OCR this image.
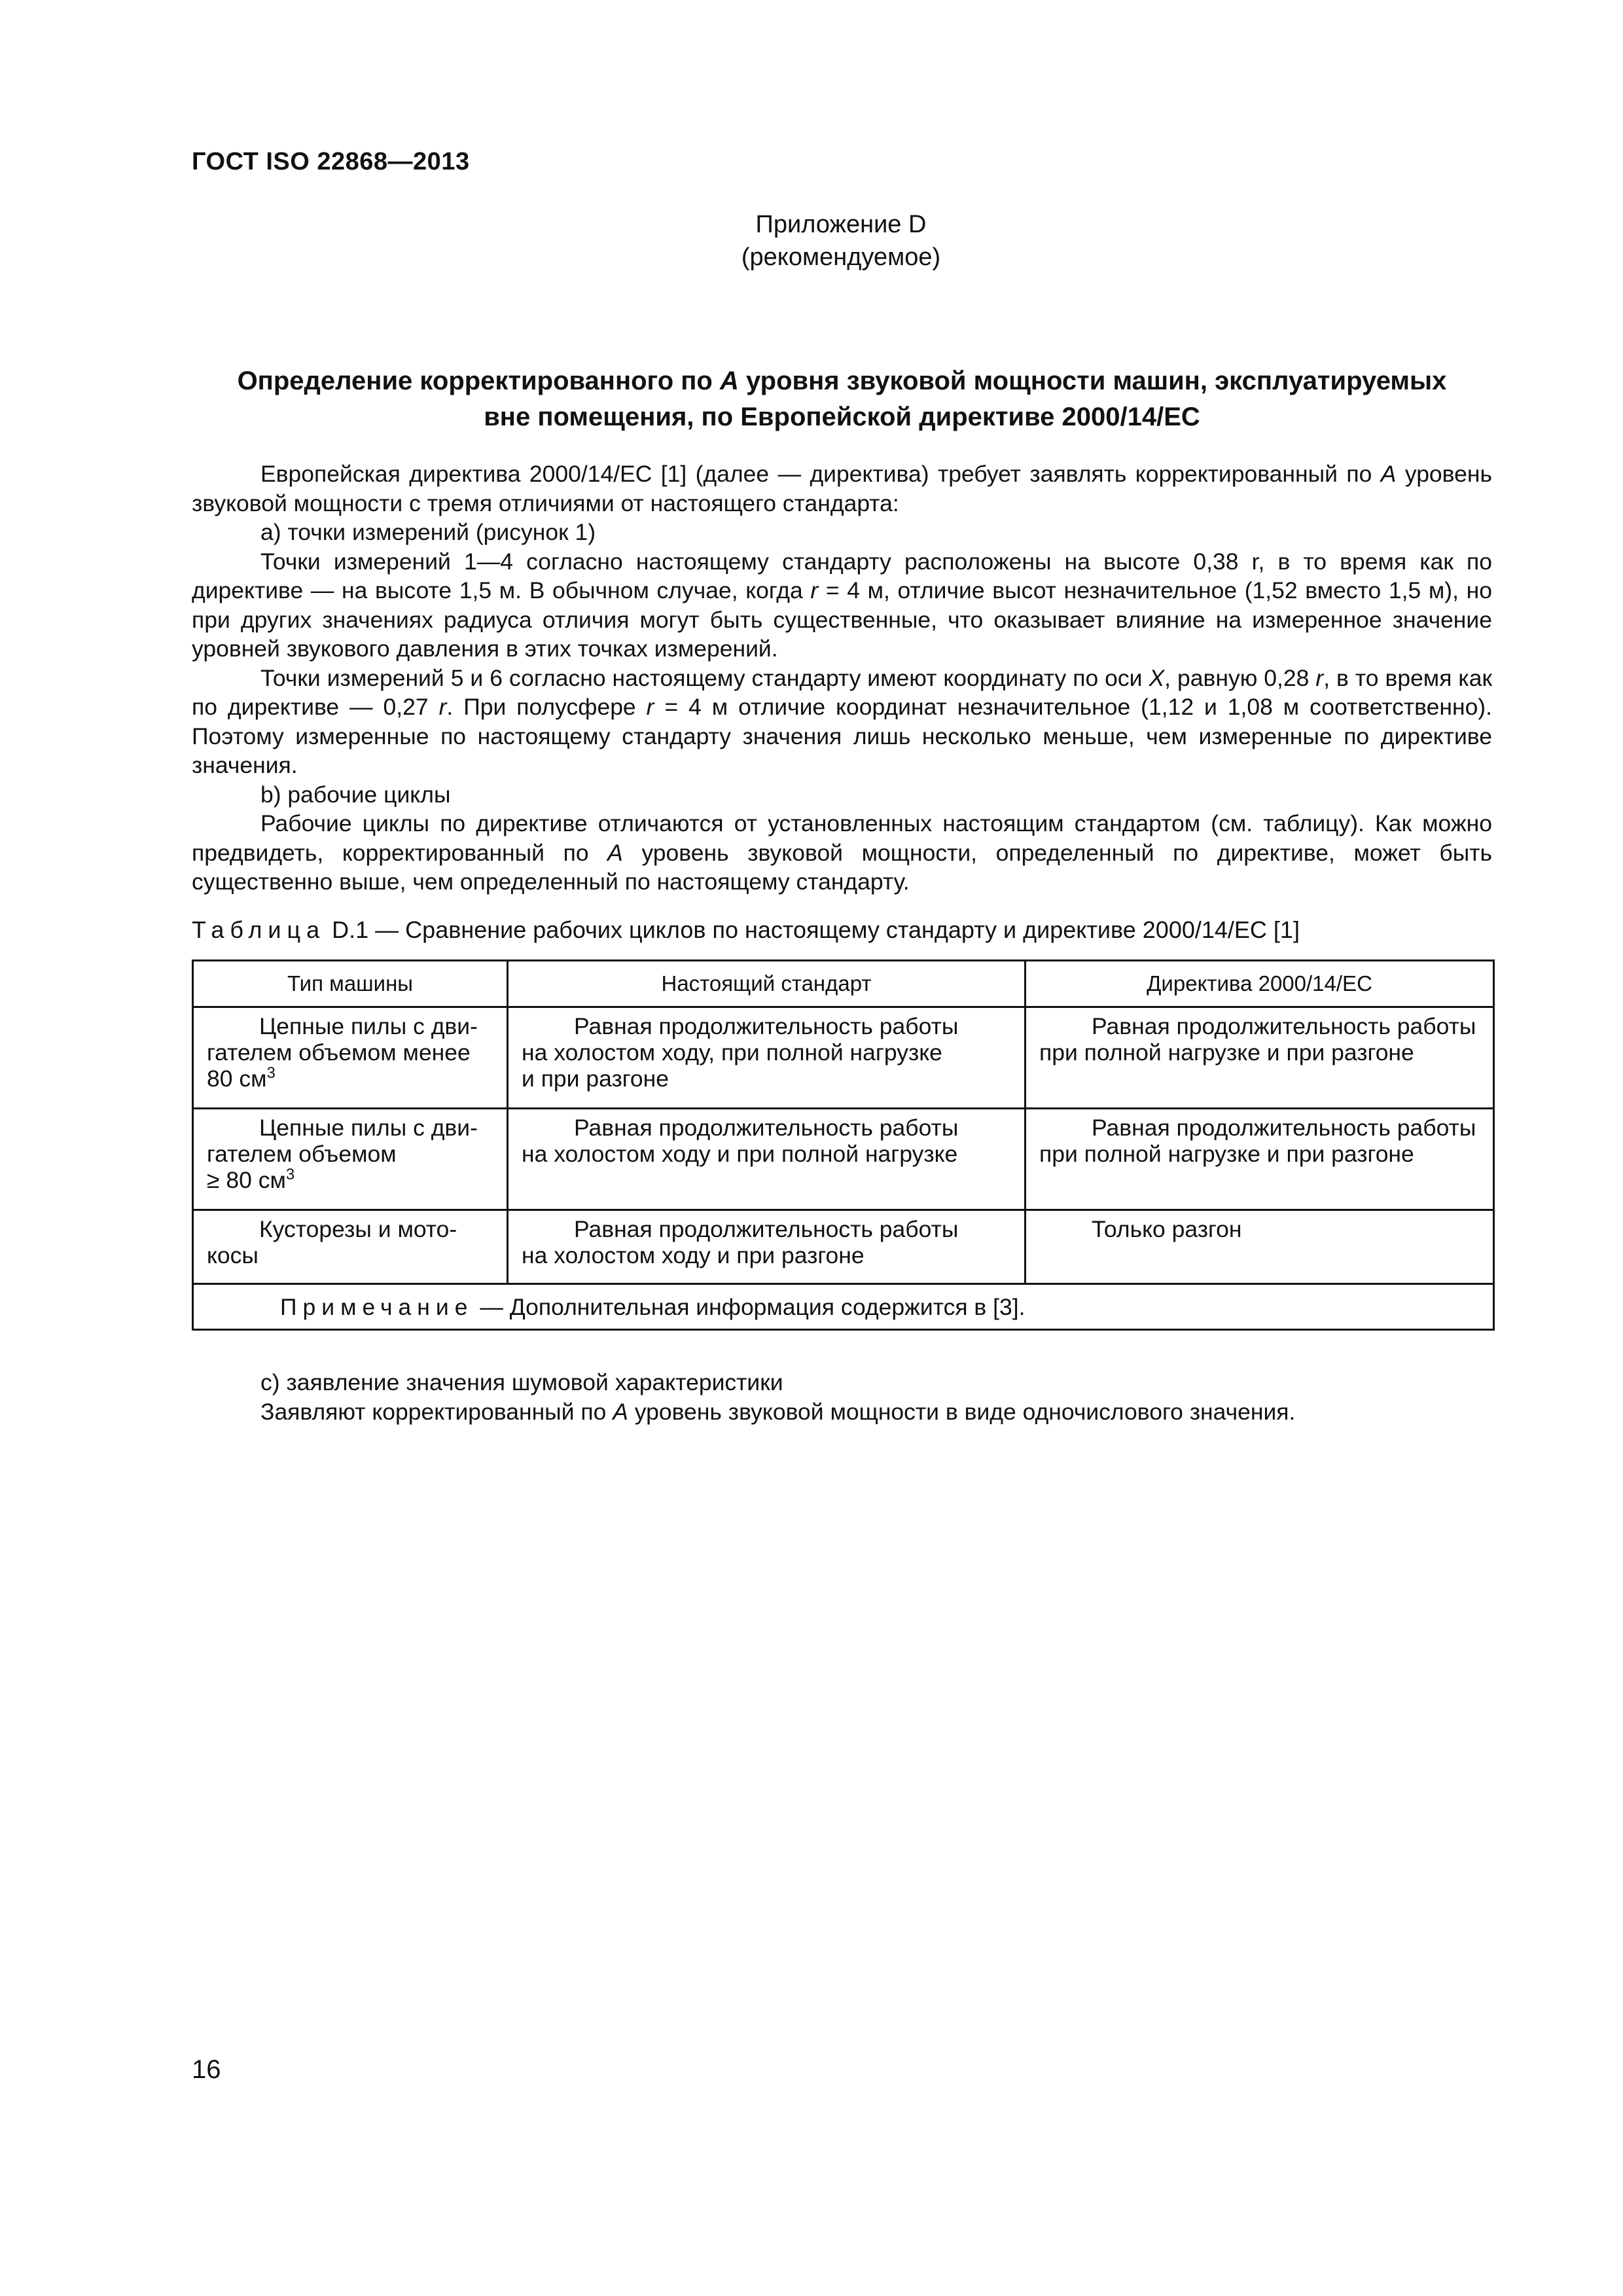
ГОСТ ISO 22868—2013
Приложение D
(рекомендуемое)
Определение корректированного по A уровня звуковой мощности машин, эксплуатируемых
вне помещения, по Европейской директиве 2000/14/ЕС

Европейская директива 2000/14/ЕС [1] (далее — директива) требует заявлять корректированный по A уровень звуковой мощности с тремя отличиями от настоящего стандарта:

a) точки измерений (рисунок 1)

Точки измерений 1—4 согласно настоящему стандарту расположены на высоте 0,38 r, в то время как по директиве — на высоте 1,5 м. В обычном случае, когда r = 4 м, отличие высот незначительное (1,52 вместо 1,5 м), но при других значениях радиуса отличия могут быть существенные, что оказывает влияние на измеренное значение уровней звукового давления в этих точках измерений.

Точки измерений 5 и 6 согласно настоящему стандарту имеют координату по оси X, равную 0,28 r, в то время как по директиве — 0,27 r. При полусфере r = 4 м отличие координат незначительное (1,12 и 1,08 м соответственно). Поэтому измеренные по настоящему стандарту значения лишь несколько меньше, чем измеренные по директиве значения.

b) рабочие циклы

Рабочие циклы по директиве отличаются от установленных настоящим стандартом (см. таблицу). Как можно предвидеть, корректированный по A уровень звуковой мощности, определенный по директиве, может быть существенно выше, чем определенный по настоящему стандарту.

Таблица D.1 — Сравнение рабочих циклов по настоящему стандарту и директиве 2000/14/ЕС [1]
Тип машины	Настоящий стандарт	Директива 2000/14/ЕС
Цепные пилы с дви-
гателем объемом менее
80 $см^3$	Равная продолжительность работы
на холостом ходу, при полной нагрузке
и при разгоне	Равная продолжительность работы
при полной нагрузке и при разгоне
Цепные пилы с дви-
гателем объемом
≥ 80 $см^3$	Равная продолжительность работы
на холостом ходу и при полной нагрузке	Равная продолжительность работы
при полной нагрузке и при разгоне
Кусторезы и мото-
косы	Равная продолжительность работы
на холостом ходу и при разгоне	Только разгон
Примечание — Дополнительная информация содержится в [3].		

c) заявление значения шумовой характеристики

Заявляют корректированный по A уровень звуковой мощности в виде одночислового значения.

16
